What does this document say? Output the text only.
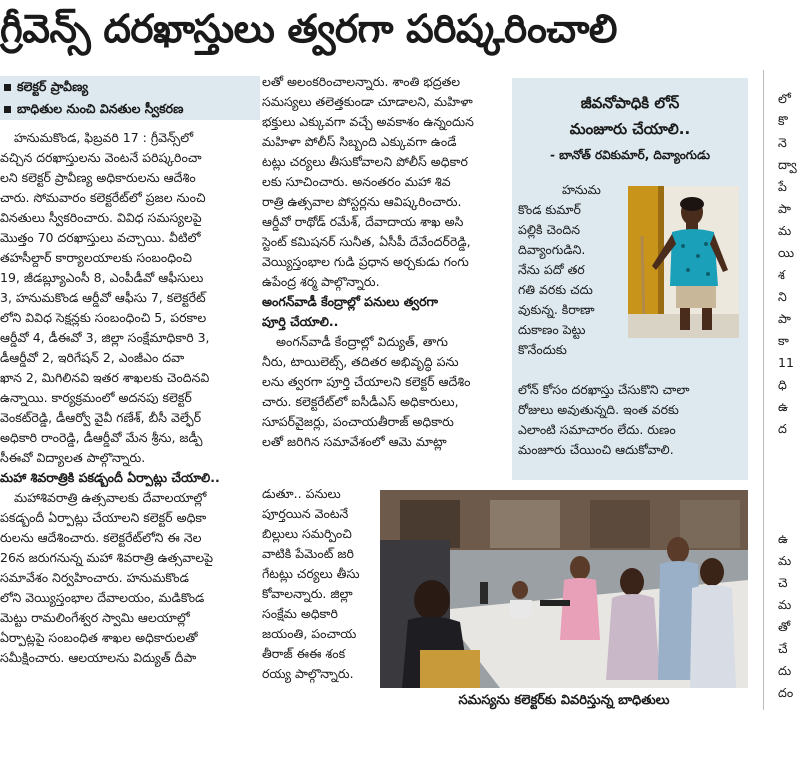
గ్రీవెన్స్ దరఖాస్తులు త్వరగా పరిష్కరించాలి
కలెక్టర్ ప్రావీణ్య
బాధితుల నుంచి వినతుల స్వీకరణ

హనుమకొండ, ఫిబ్రవరి 17 : గ్రీవెన్స్‌లో

వచ్చిన దరఖాస్తులను వెంటనే పరిష్కరించా

లని కలెక్టర్ ప్రావీణ్య అధికారులను ఆదేశిం

చారు. సోమవారం కలెక్టరేట్‌లో ప్రజల నుంచి

వినతులు స్వీకరించారు. వివిధ సమస్యలపై

మొత్తం 70 దరఖాస్తులు వచ్చాయి. వీటిలో

తహసీల్దార్ కార్యాలయాలకు సంబంధించి

19, జీడబ్ల్యూఎంసీ 8, ఎంపీడీవో ఆఫీసులు

3, హనుమకొండ ఆర్డీవో ఆఫీసు 7, కలెక్టరేట్

లోని వివిధ సెక్షన్లకు సంబంధించి 5, పరకాల

ఆర్డీవో 4, డీఈవో 3, జిల్లా సంక్షేమాధికారి 3,

డీఆర్డీవో 2, ఇరిగేషన్ 2, ఎంజీఎం దవా

ఖాన 2, మిగిలినవి ఇతర శాఖలకు చెందినవి

ఉన్నాయి. కార్యక్రమంలో అదనపు కలెక్టర్

వెంకట్‌రెడ్డి, డీఆర్వో వైవీ గణేశ్, బీసీ వెల్ఫేర్

అధికారి రాంరెడ్డి, డీఆర్డీవో మేన శ్రీను, జడ్పీ

సీఈవో విద్యాలత పాల్గొన్నారు.

మహా శివరాత్రికి పకడ్బందీ ఏర్పాట్లు చేయాలి..

మహాశివరాత్రి ఉత్సవాలకు దేవాలయాల్లో

పకడ్బందీ ఏర్పాట్లు చేయాలని కలెక్టర్ అధికా

రులను ఆదేశించారు. కలెక్టరేట్‌లోని ఈ నెల

26న జరుగనున్న మహా శివరాత్రి ఉత్సవాలపై

సమావేశం నిర్వహించారు. హనుమకొండ

లోని వెయ్యిస్తంభాల దేవాలయం, మడికొండ

మెట్టు రామలింగేశ్వర స్వామి ఆలయాల్లో

ఏర్పాట్లపై సంబంధిత శాఖల అధికారులతో

సమీక్షించారు. ఆలయాలను విద్యుత్ దీపా

లతో అలంకరించాలన్నారు. శాంతి భద్రతల

సమస్యలు తలెత్తకుండా చూడాలని, మహిళా

భక్తులు ఎక్కువగా వచ్చే అవకాశం ఉన్నందున

మహిళా పోలీస్ సిబ్బంది ఎక్కువగా ఉండే

టట్లు చర్యలు తీసుకోవాలని పోలీస్ అధికార

లకు సూచించారు. అనంతరం మహా శివ

రాత్రి ఉత్సవాల పోస్టర్లను ఆవిష్కరించారు.

ఆర్డీవో రాథోడ్ రమేశ్, దేవాదాయ శాఖ అసి

స్టెంట్ కమిషనర్ సునీత, ఏసీపీ దేవేందర్‌రెడ్డి,

వెయ్యిస్తంభాల గుడి ప్రధాన అర్చకుడు గంగు

ఉపేంద్ర శర్మ పాల్గొన్నారు.

అంగన్‌వాడీ కేంద్రాల్లో పనులు త్వరగా

పూర్తి చేయాలి..

అంగన్‌వాడీ కేంద్రాల్లో విద్యుత్, తాగు

నీరు, టాయిలెట్స్, తదితర అభివృద్ధి పను

లను త్వరగా పూర్తి చేయాలని కలెక్టర్ ఆదేశిం

చారు. కలెక్టరేట్‌లో ఐసీడీఎస్ అధికారులు,

సూపర్‌వైజర్లు, పంచాయతీరాజ్ అధికారు

లతో జరిగిన సమావేశంలో ఆమె మాట్లా

డుతూ.. పనులు

పూర్తయిన వెంటనే

బిల్లులు సమర్పించి

వాటికి పేమెంట్ జరి

గేటట్లు చర్యలు తీసు

కోవాలన్నారు. జిల్లా

సంక్షేమ అధికారి

జయంతి, పంచాయ

తీరాజ్ ఈఈ శంక

రయ్య పాల్గొన్నారు.

జీవనోపాధికి లోన్
మంజూరు చేయాలి..
- బానోత్ రవికుమార్, దివ్యాంగుడు

హనుమ

కొండ కుమార్

పల్లికి చెందిన

దివ్యాంగుడిని.

నేను పదో తర

గతి వరకు చదు

వుకున్న. కిరాణా

దుకాణం పెట్టు

కొనేందుకు

లోన్ కోసం దరఖాస్తు చేసుకొని చాలా

రోజులు అవుతున్నది. ఇంత వరకు

ఎలాంటి సమాచారం లేదు. రుణం

మంజూరు చేయించి ఆదుకోవాలి.

సమస్యను కలెక్టర్‌కు వివరిస్తున్న బాధితులు

లో

కొ

నె

ద్వా

పే

పా

మ

యి

శ

ని

పా

కా

11

ధి

ఉ

ద

ఉ

మ

చె

మ

తో

చే

దు

దం
